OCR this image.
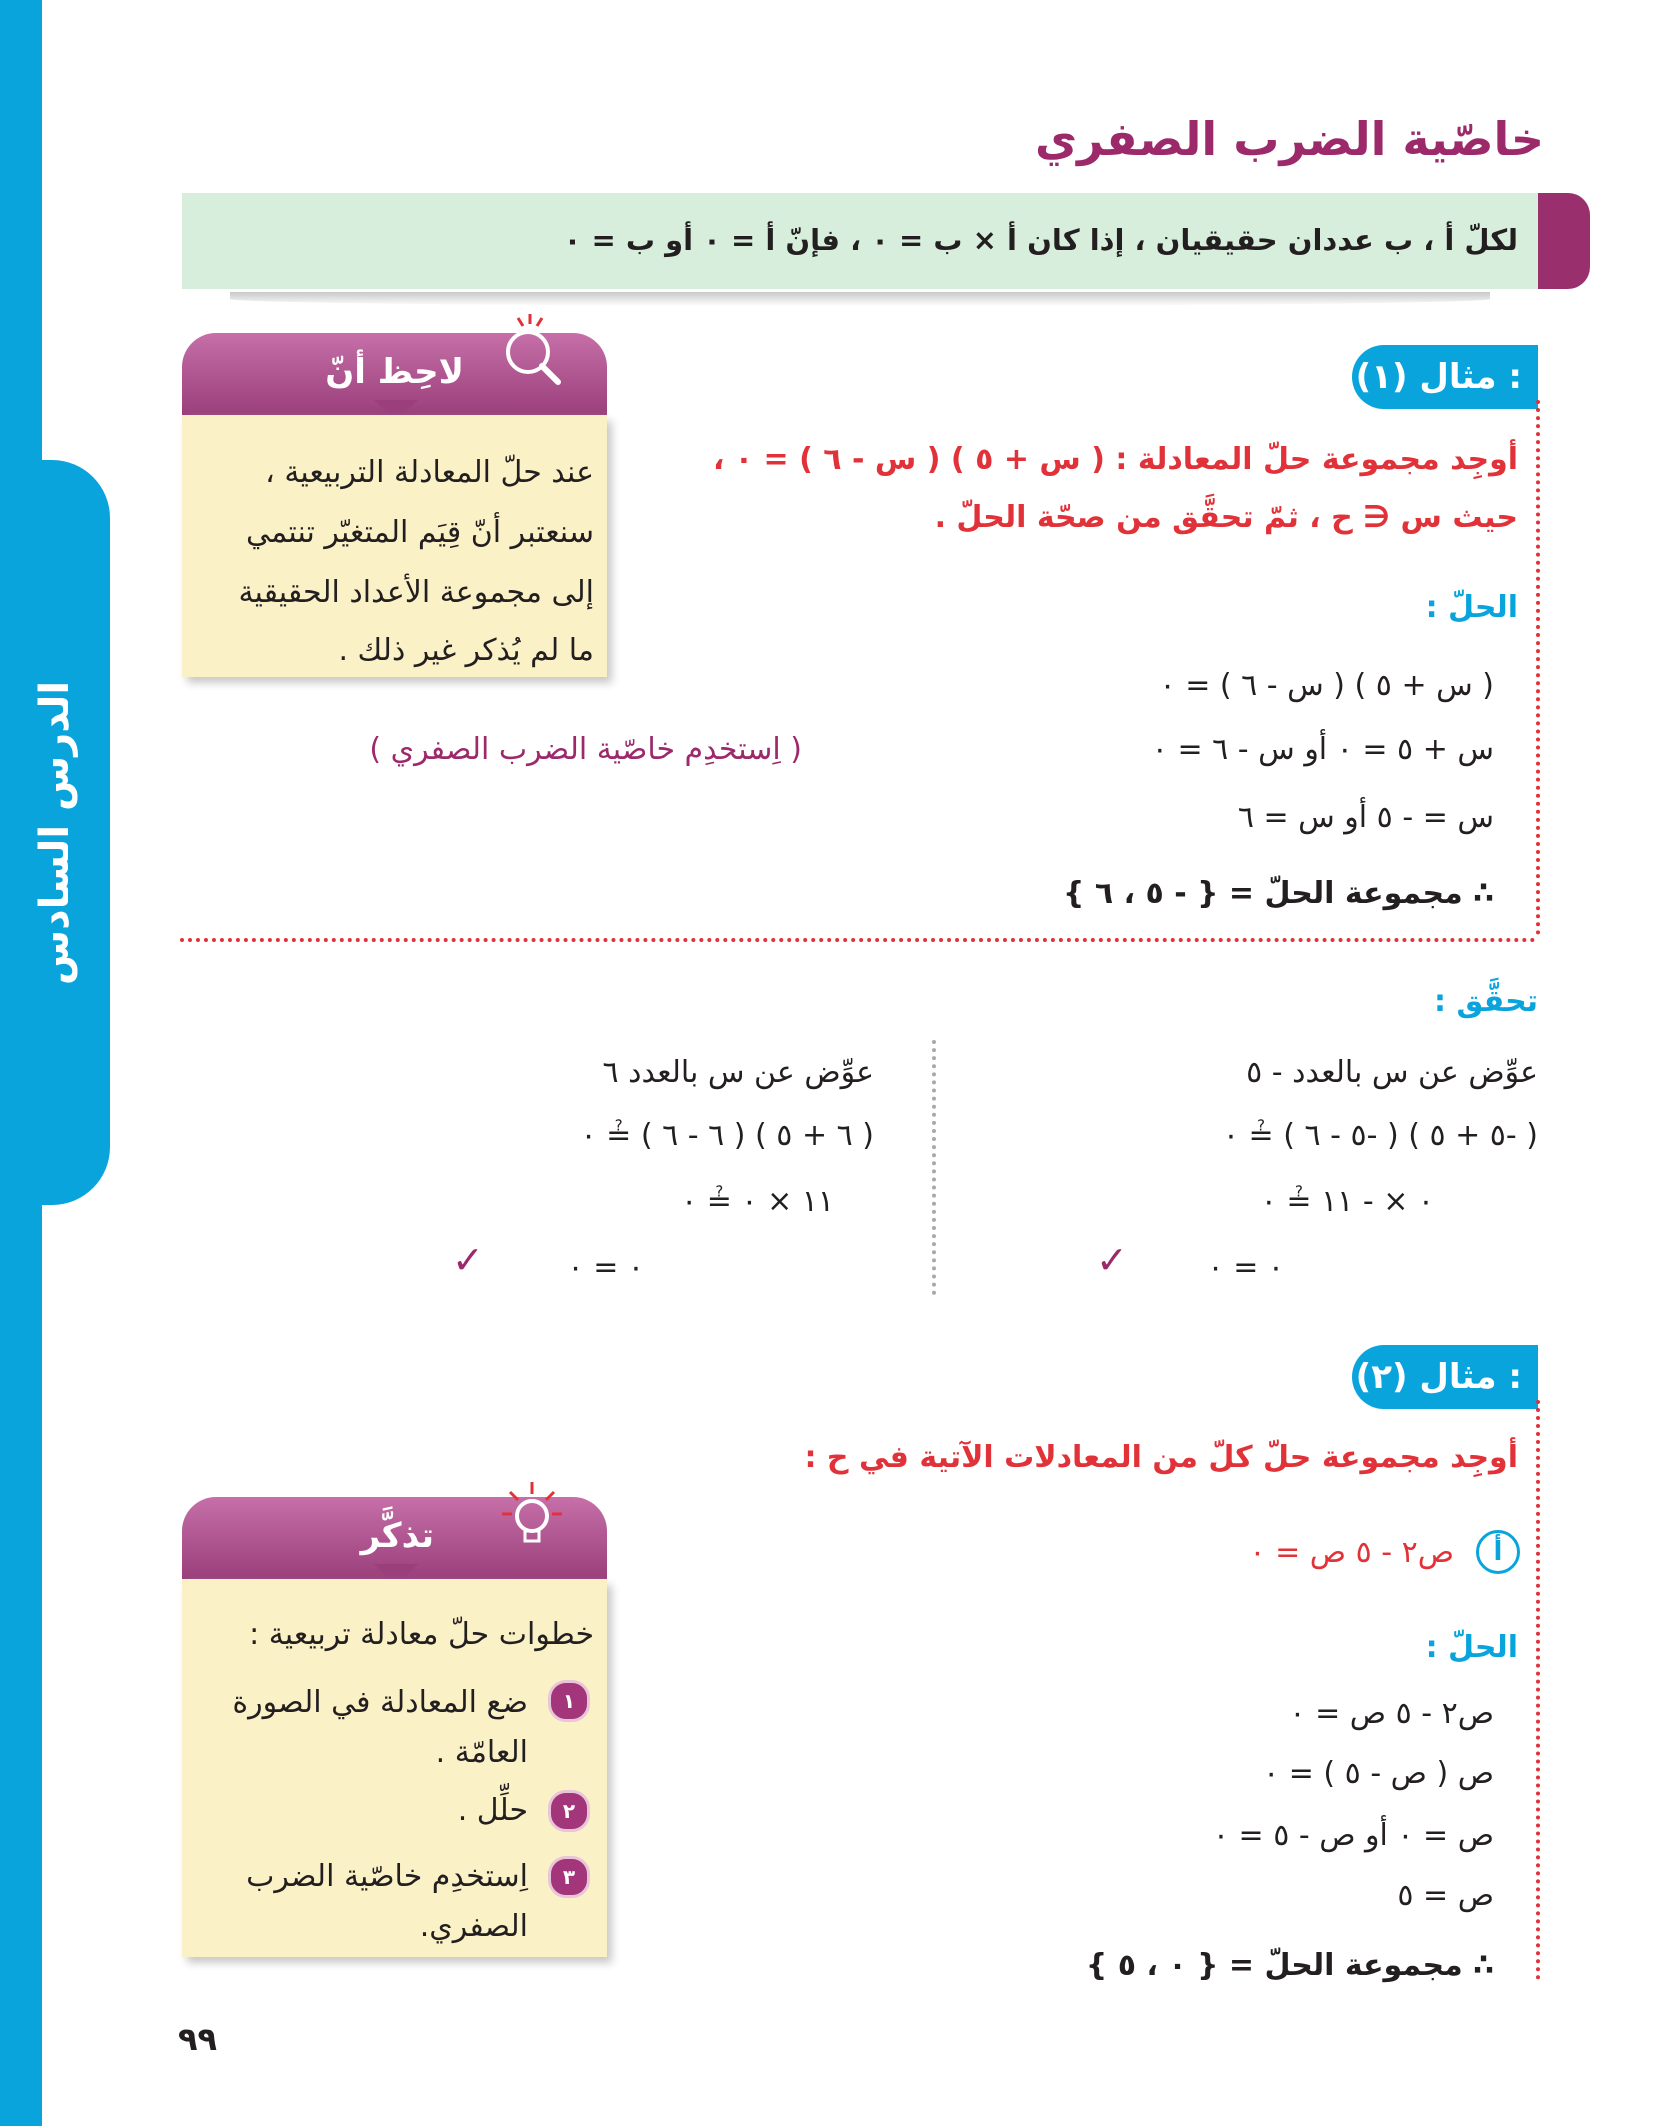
الدرس السادس
خاصّية الضرب الصفري
لكلّ أ ، ب عددان حقيقيان ، إذا كان أ × ب = ٠ ، فإنّ أ = ٠ أو ب = ٠
مثال (١) :
أوجِد مجموعة حلّ المعادلة : ( س + ٥ ) ( س - ٦ ) = ٠ ،
حيث س ∈ ح ، ثمّ تحقَّق من صحّة الحلّ .
الحلّ :
( س + ٥ ) ( س - ٦ ) = ٠
س + ٥ = ٠ أو س - ٦ = ٠
س = - ٥ أو س = ٦
∴ مجموعة الحلّ = { - ٥ ، ٦ }
( اِستخدِم خاصّية الضرب الصفري )
لاحِظ أنّ
عند حلّ المعادلة التربيعية ،
سنعتبر أنّ قِيَم المتغيّر تنتمي
إلى مجموعة الأعداد الحقيقية
ما لم يُذكر غير ذلك .
تحقَّق :
عوِّض عن س بالعدد - ٥
( -٥ + ٥ ) ( -٥ - ٦ ) ≟ ٠
٠ × - ١١ ≟ ٠
٠ = ٠
✓
عوِّض عن س بالعدد ٦
( ٦ + ٥ ) ( ٦ - ٦ ) ≟ ٠
١١ × ٠ ≟ ٠
٠ = ٠
✓
مثال (٢) :
أوجِد مجموعة حلّ كلّ من المعادلات الآتية في ح :
أ
ص٢ - ٥ ص = ٠
الحلّ :
ص٢ - ٥ ص = ٠
ص ( ص - ٥ ) = ٠
ص = ٠ أو ص - ٥ = ٠
ص = ٥
∴ مجموعة الحلّ = { ٠ ، ٥ }
تذكَّر
خطوات حلّ معادلة تربيعية :
١
ضع المعادلة في الصورة العامّة .
٢
حلِّل .
٣
اِستخدِم خاصّية الضرب الصفري.
٩٩
